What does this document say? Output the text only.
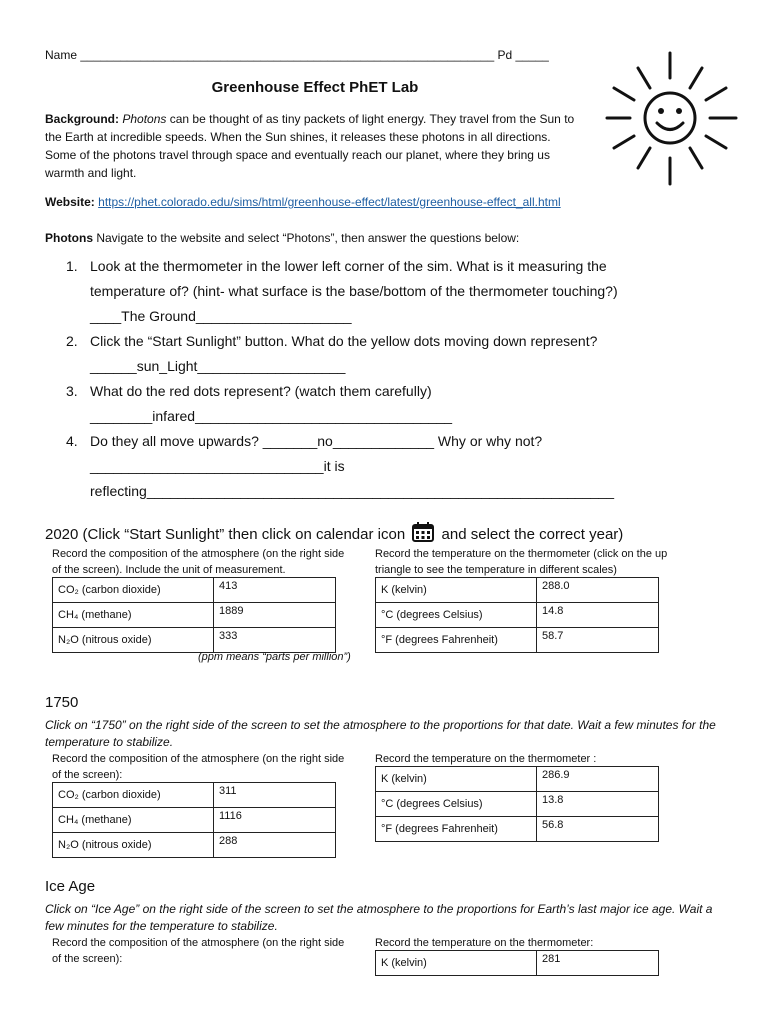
Name ______________________________________________________________ Pd _____
Greenhouse Effect PhET Lab
Background: Photons can be thought of as tiny packets of light energy. They travel from the Sun to the Earth at incredible speeds. When the Sun shines, it releases these photons in all directions. Some of the photons travel through space and eventually reach our planet, where they bring us warmth and light.
Website: https://phet.colorado.edu/sims/html/greenhouse-effect/latest/greenhouse-effect_all.html
Photons Navigate to the website and select “Photons”, then answer the questions below:
1. Look at the thermometer in the lower left corner of the sim. What is it measuring the
temperature of? (hint- what surface is the base/bottom of the thermometer touching?)
____The Ground____________________
2. Click the “Start Sunlight” button. What do the yellow dots moving down represent?
______sun_Light___________________
3. What do the red dots represent? (watch them carefully)
________infared_________________________________
4. Do they all move upwards? _______no_____________ Why or why not?
______________________________it is
reflecting____________________________________________________________
2020 (Click “Start Sunlight” then click on calendar icon and select the correct year)
Record the composition of the atmosphere (on the right side of the screen). Include the unit of measurement.
Record the temperature on the thermometer (click on the up triangle to see the temperature in different scales)
CO₂ (carbon dioxide)	413
CH₄ (methane)	1889
N₂O (nitrous oxide)	333
K (kelvin)	288.0
°C (degrees Celsius)	14.8
°F (degrees Fahrenheit)	58.7
(ppm means “parts per million”)
1750
Click on “1750” on the right side of the screen to set the atmosphere to the proportions for that date. Wait a few minutes for the temperature to stabilize.
Record the composition of the atmosphere (on the right side of the screen):
Record the temperature on the thermometer :
CO₂ (carbon dioxide)	311
CH₄ (methane)	1116
N₂O (nitrous oxide)	288
K (kelvin)	286.9
°C (degrees Celsius)	13.8
°F (degrees Fahrenheit)	56.8
Ice Age
Click on “Ice Age” on the right side of the screen to set the atmosphere to the proportions for Earth’s last major ice age. Wait a few minutes for the temperature to stabilize.
Record the composition of the atmosphere (on the right side of the screen):
Record the temperature on the thermometer:
K (kelvin)	281
